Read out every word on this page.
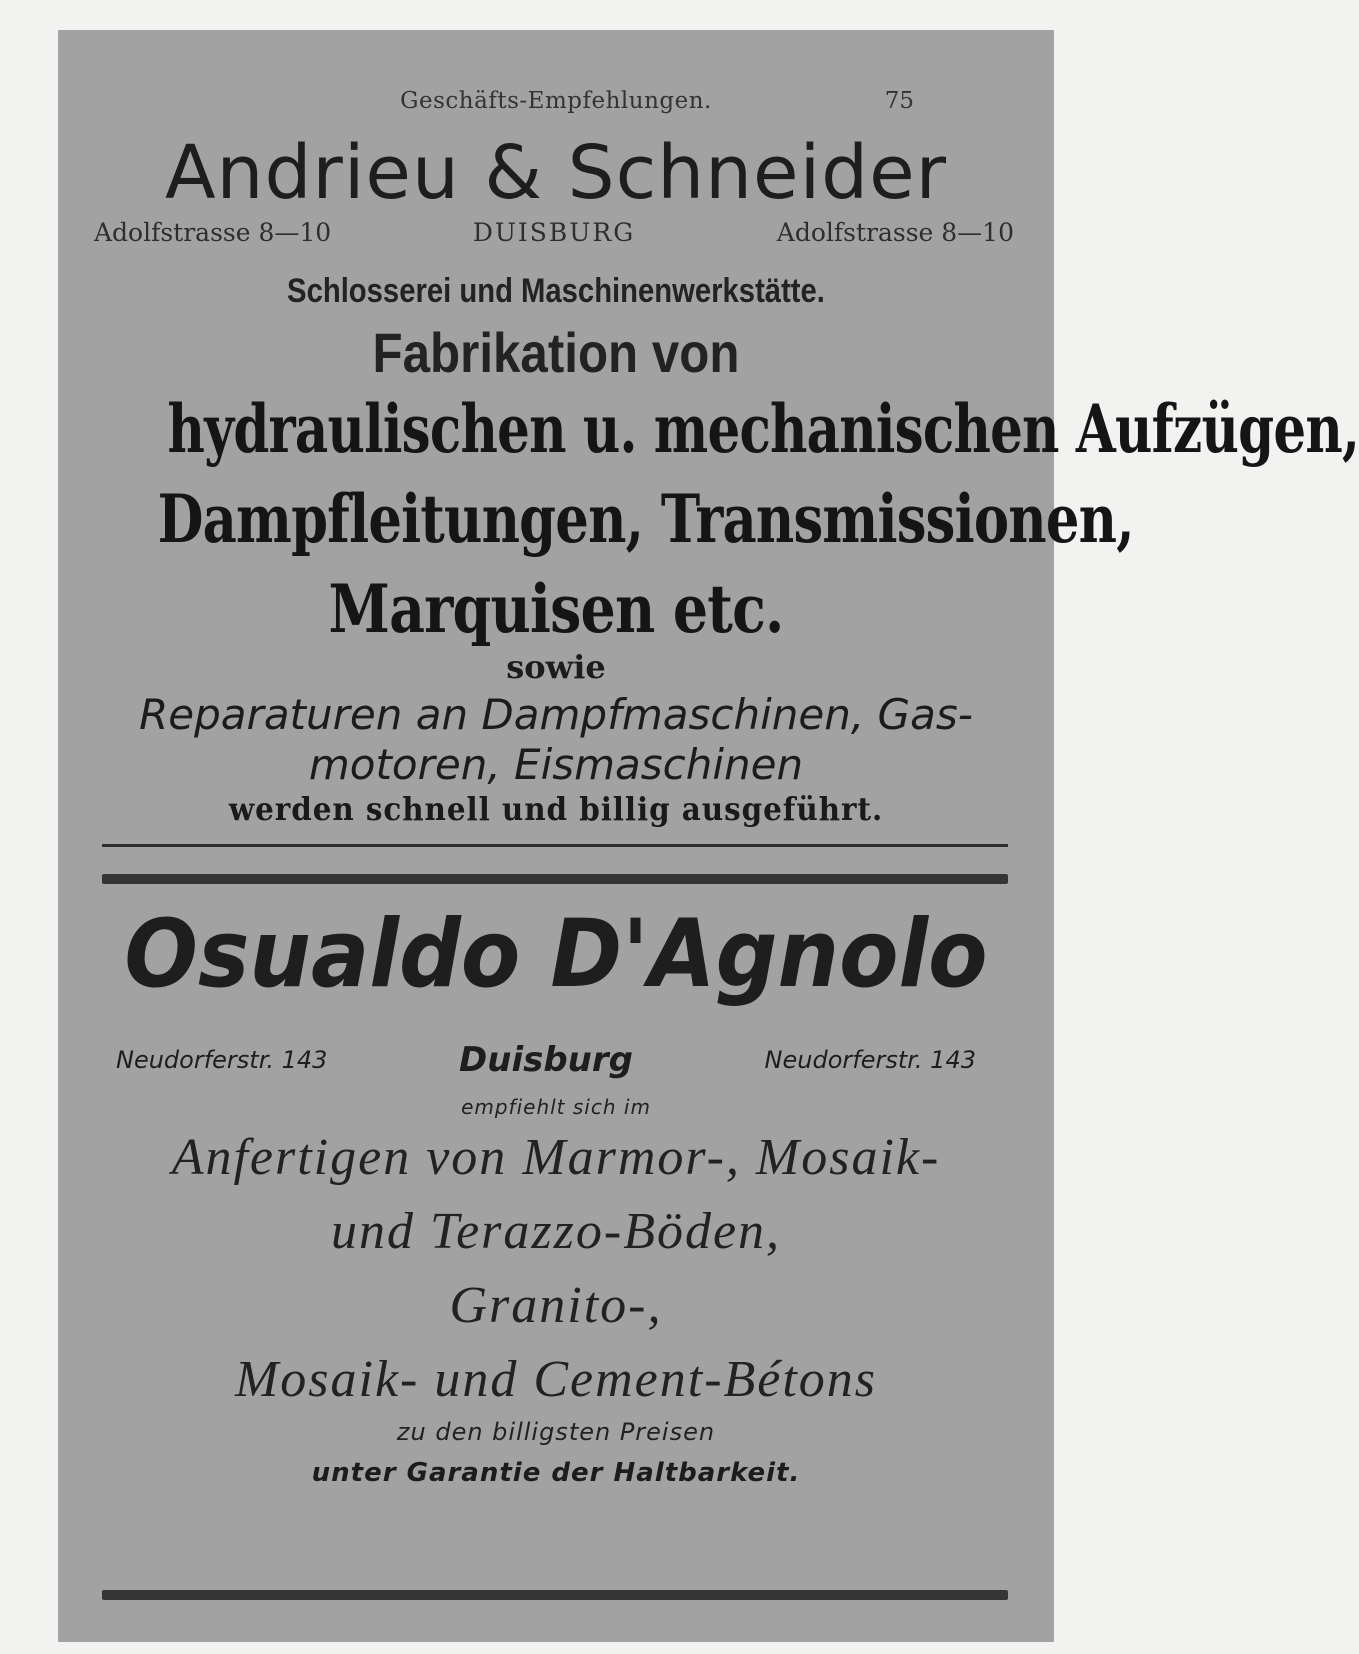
Geschäfts-Empfehlungen.	75
Andrieu & Schneider
Adolfstrasse 8—10	DUISBURG	Adolfstrasse 8—10
Schlosserei und Maschinenwerkstätte.
Fabrikation von
hydraulischen u. mechanischen Aufzügen,
Dampfleitungen, Transmissionen,
Marquisen etc.
sowie
Reparaturen an Dampfmaschinen, Gas-
motoren, Eismaschinen
werden schnell und billig ausgeführt.
Osualdo D'Agnolo
Neudorferstr. 143	Duisburg	Neudorferstr. 143
empfiehlt sich im
Anfertigen von Marmor-, Mosaik-
und Terazzo-Böden,
Granito-,
Mosaik- und Cement-Bétons
zu den billigsten Preisen
unter Garantie der Haltbarkeit.
